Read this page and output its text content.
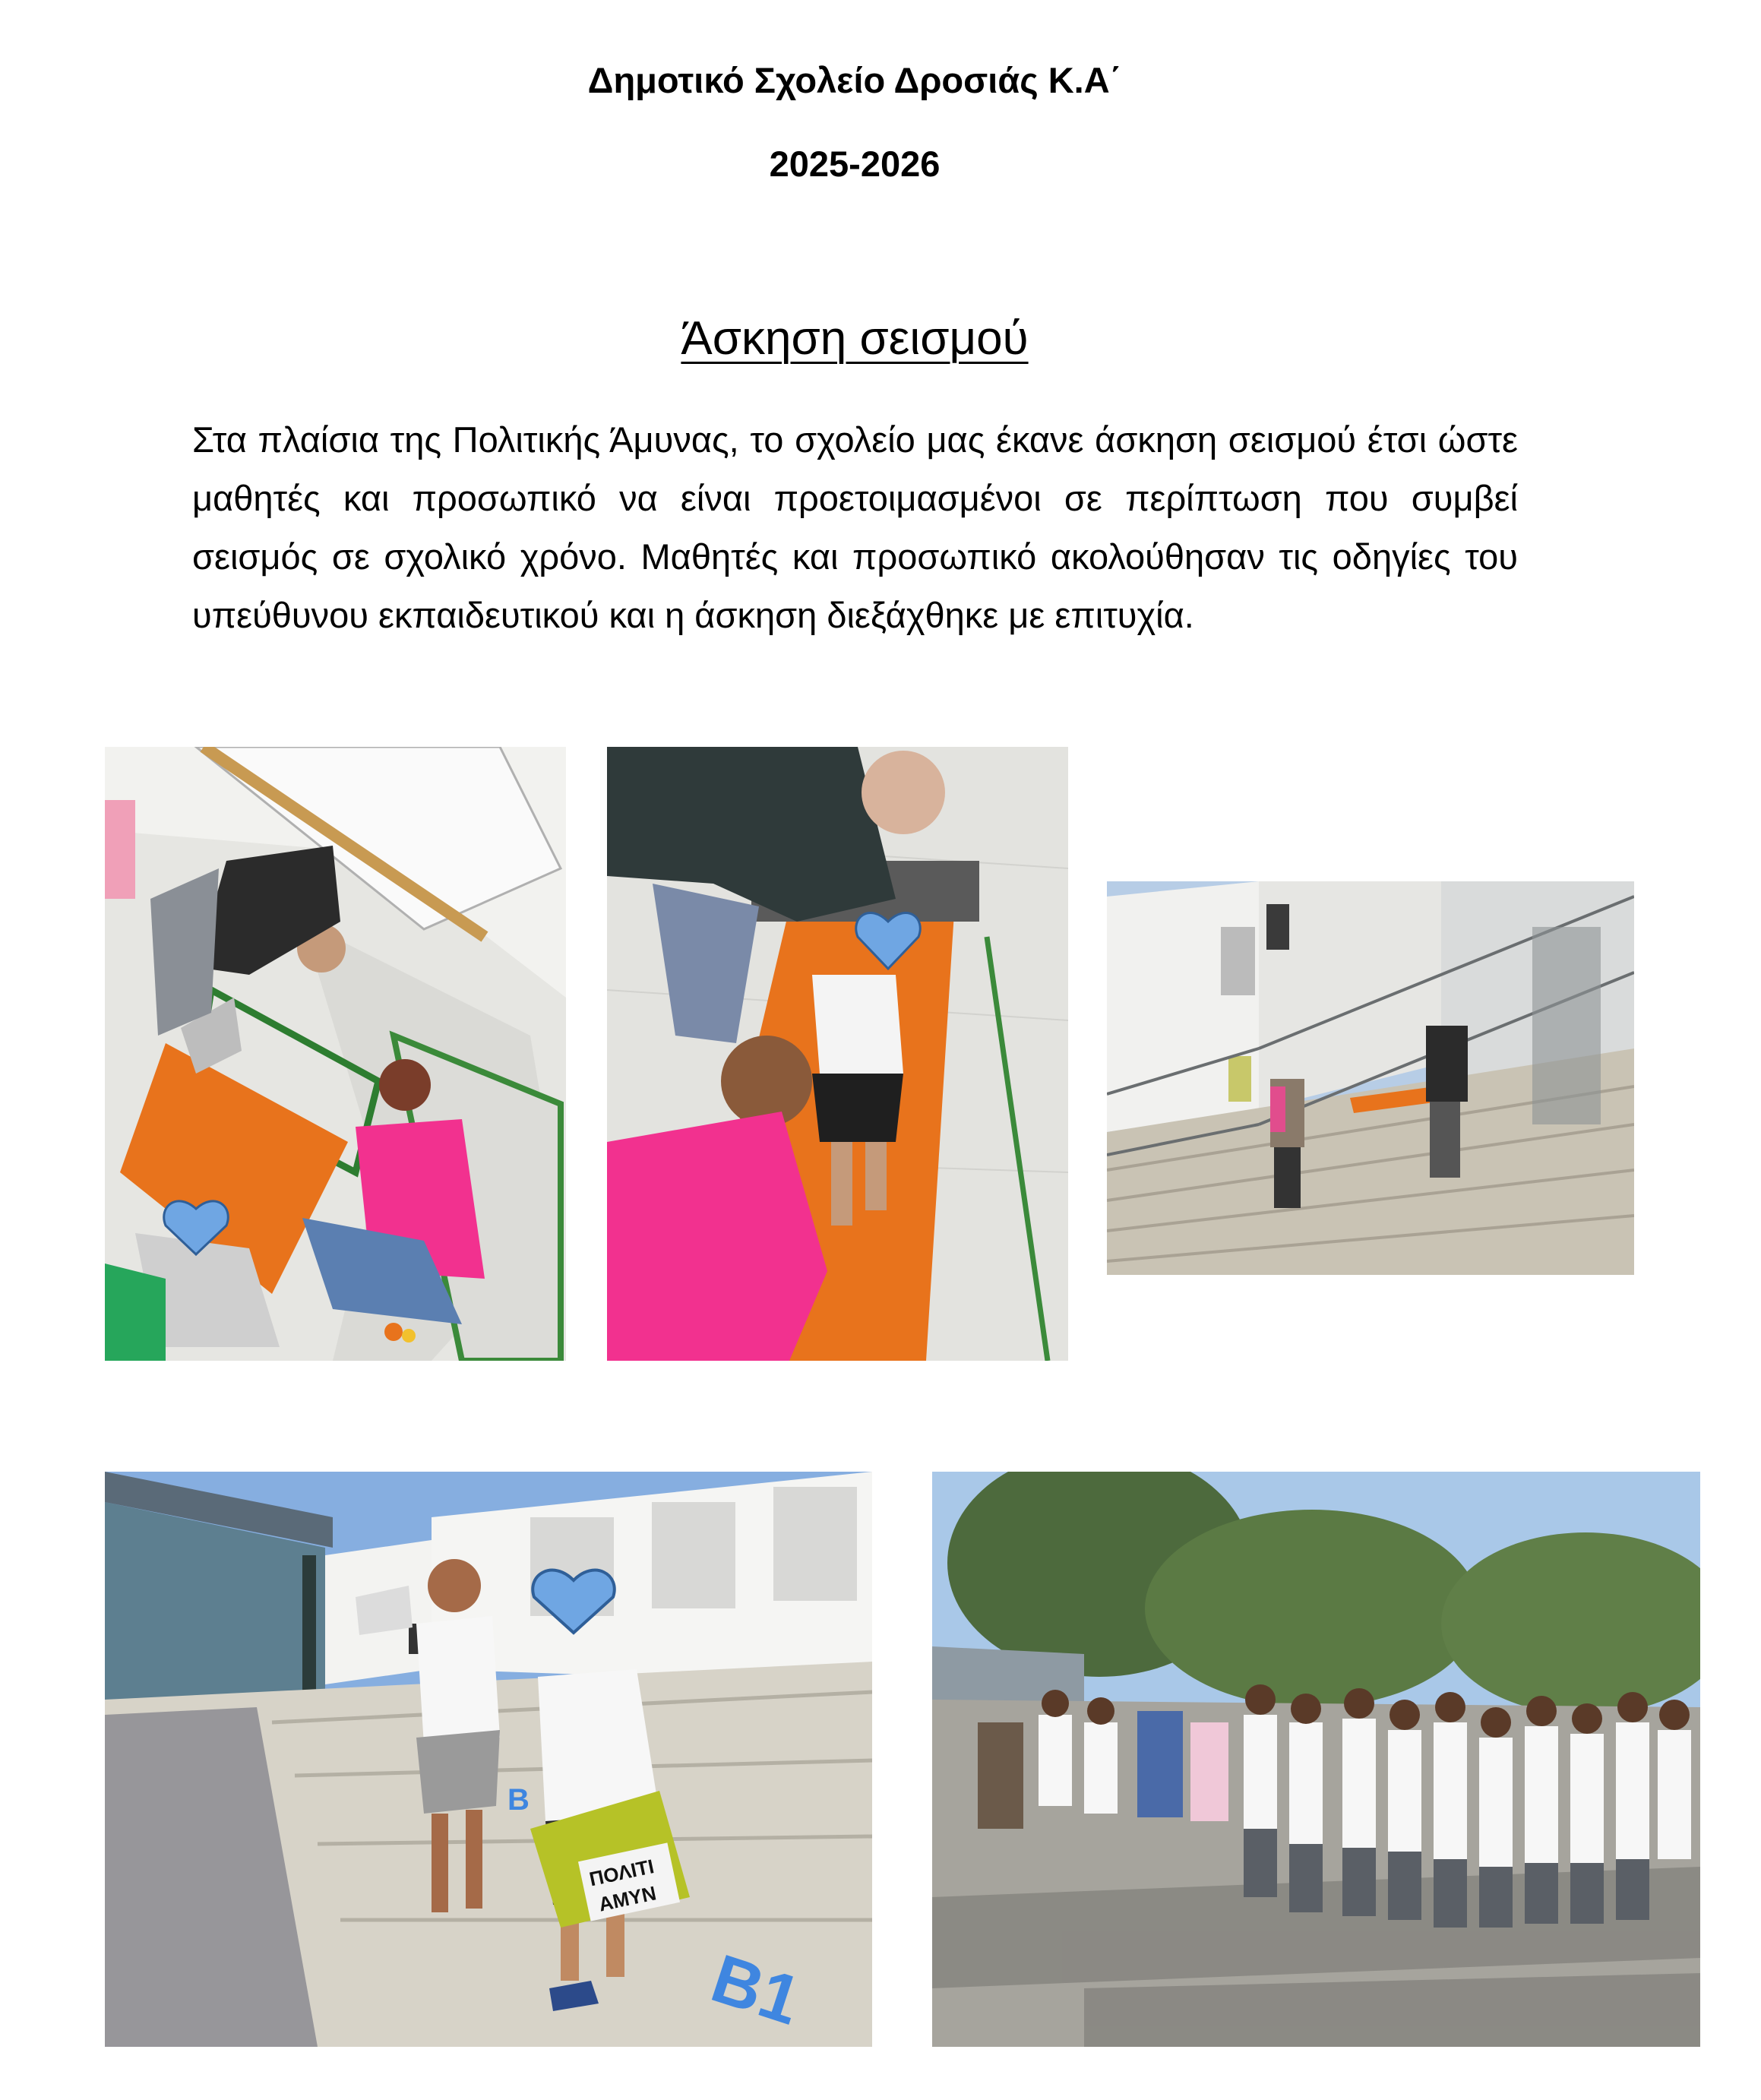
Δημοτικό Σχολείο Δροσιάς Κ.Α΄
2025-2026
Άσκηση σεισμού
Στα πλαίσια της Πολιτικής Άμυνας, το σχολείο μας έκανε άσκηση σεισμού έτσι ώστε μαθητές και προσωπικό να είναι προετοιμασμένοι σε περίπτωση που συμβεί σεισμός σε σχολικό χρόνο. Μαθητές και προσωπικό ακολούθησαν τις οδηγίες του υπεύθυνου εκπαιδευτικού και η άσκηση διεξάχθηκε με επιτυχία.
ΠΟΛΙΤΙ
ΑΜΥΝ
B1
B
